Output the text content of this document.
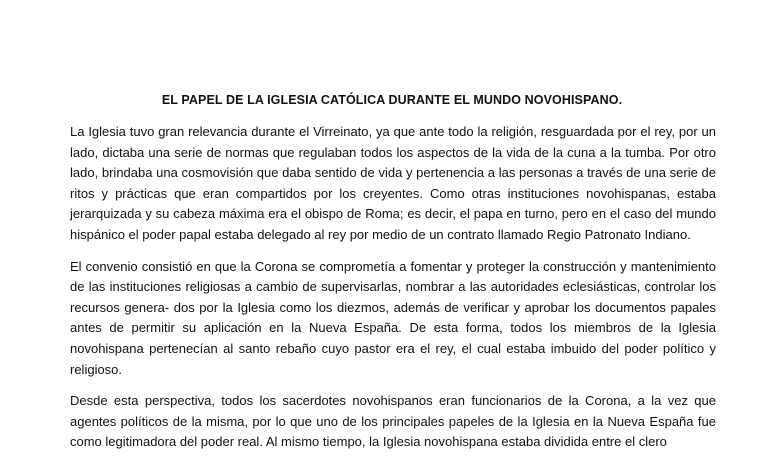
EL PAPEL DE LA IGLESIA CATÓLICA DURANTE EL MUNDO NOVOHISPANO.

La Iglesia tuvo gran relevancia durante el Virreinato, ya que ante todo la religión, resguardada por el rey, por un lado, dictaba una serie de normas que regulaban todos los aspectos de la vida de la cuna a la tumba. Por otro lado, brindaba una cosmovisión que daba sentido de vida y pertenencia a las personas a través de una serie de ritos y prácticas que eran compartidos por los creyentes. Como otras instituciones novohispanas, estaba jerarquizada y su cabeza máxima era el obispo de Roma; es decir, el papa en turno, pero en el caso del mundo hispánico el poder papal estaba delegado al rey por medio de un contrato llamado Regio Patronato Indiano.

El convenio consistió en que la Corona se comprometía a fomentar y proteger la construcción y mantenimiento de las instituciones religiosas a cambio de supervisarlas, nombrar a las autoridades eclesiásticas, controlar los recursos genera- dos por la Iglesia como los diezmos, además de verificar y aprobar los documentos papales antes de permitir su aplicación en la Nueva España. De esta forma, todos los miembros de la Iglesia novohispana pertenecían al santo rebaño cuyo pastor era el rey, el cual estaba imbuido del poder político y religioso.

Desde esta perspectiva, todos los sacerdotes novohispanos eran funcionarios de la Corona, a la vez que agentes políticos de la misma, por lo que uno de los principales papeles de la Iglesia en la Nueva España fue como legitimadora del poder real. Al mismo tiempo, la Iglesia novohispana estaba dividida entre el clero
